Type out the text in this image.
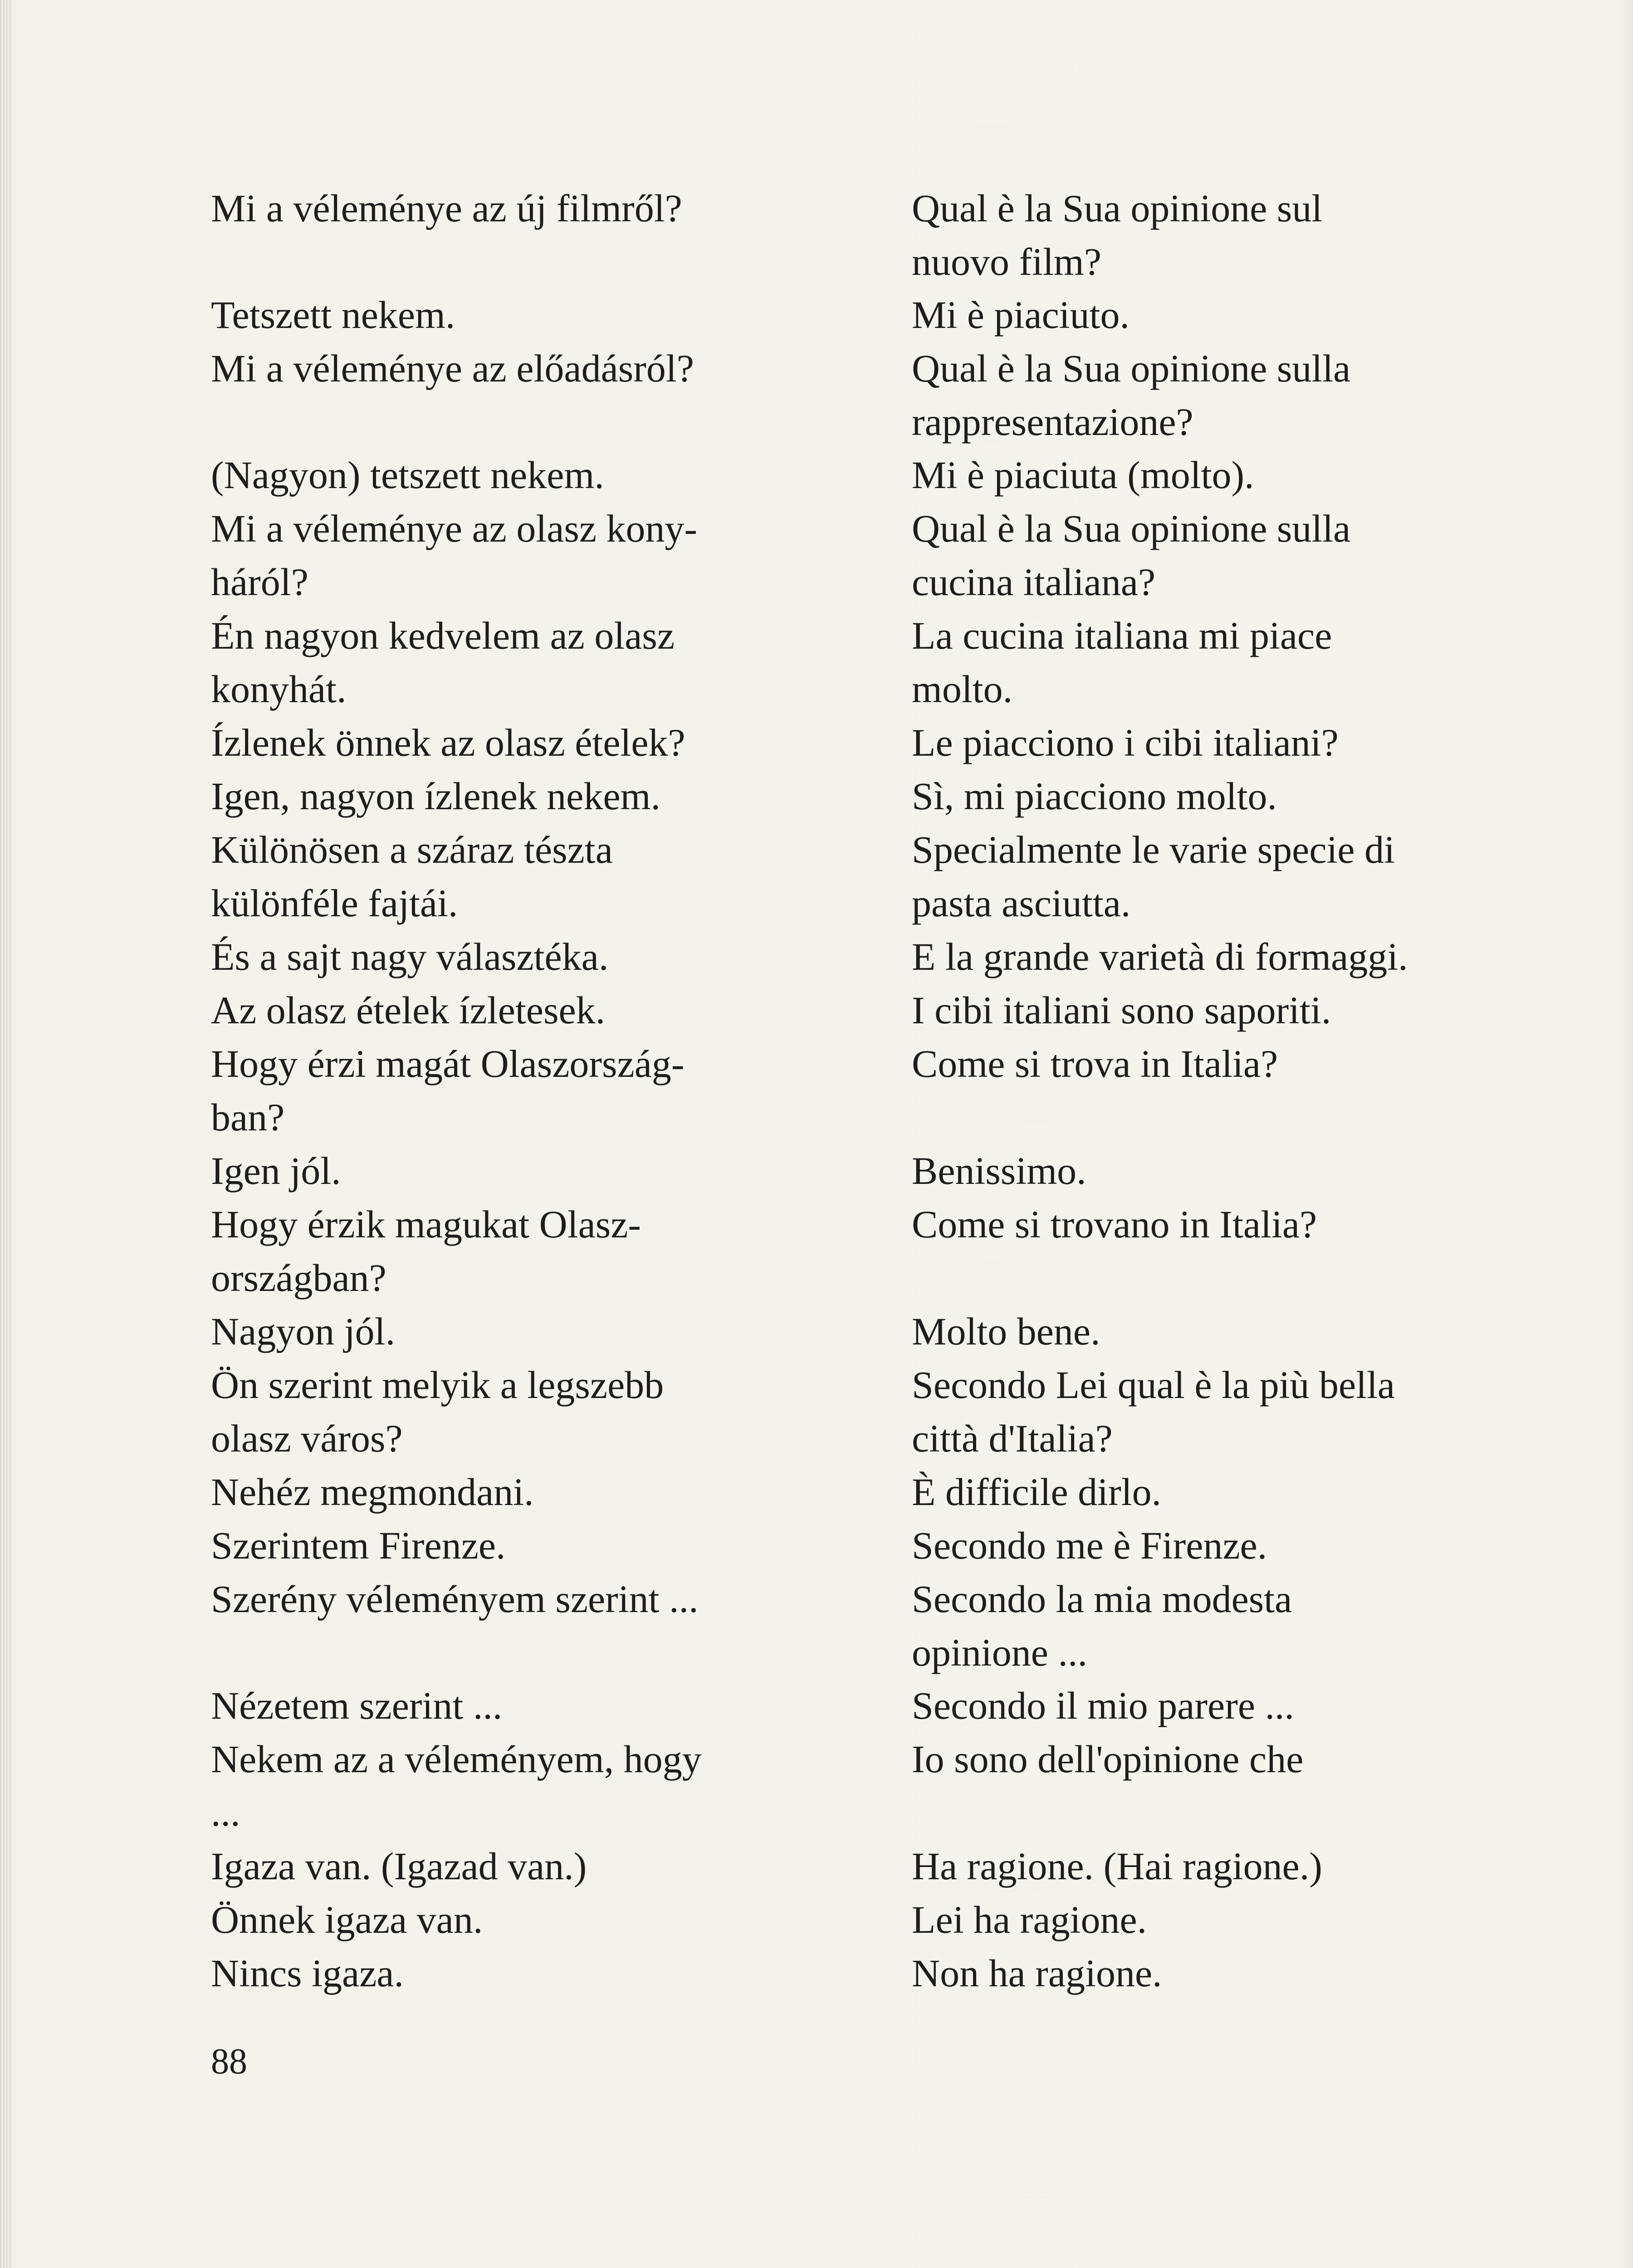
Mi a véleménye az új filmről?
Tetszett nekem.
Mi a véleménye az előadásról?
(Nagyon) tetszett nekem.
Mi a véleménye az olasz kony-
háról?
Én nagyon kedvelem az olasz
konyhát.
Ízlenek önnek az olasz ételek?
Igen, nagyon ízlenek nekem.
Különösen a száraz tészta
különféle fajtái.
És a sajt nagy választéka.
Az olasz ételek ízletesek.
Hogy érzi magát Olaszország-
ban?
Igen jól.
Hogy érzik magukat Olasz-
országban?
Nagyon jól.
Ön szerint melyik a legszebb
olasz város?
Nehéz megmondani.
Szerintem Firenze.
Szerény véleményem szerint ...
Nézetem szerint ...
Nekem az a véleményem, hogy
...
Igaza van. (Igazad van.)
Önnek igaza van.
Nincs igaza.
Qual è la Sua opinione sul
nuovo film?
Mi è piaciuto.
Qual è la Sua opinione sulla
rappresentazione?
Mi è piaciuta (molto).
Qual è la Sua opinione sulla
cucina italiana?
La cucina italiana mi piace
molto.
Le piacciono i cibi italiani?
Sì, mi piacciono molto.
Specialmente le varie specie di
pasta asciutta.
E la grande varietà di formaggi.
I cibi italiani sono saporiti.
Come si trova in Italia?
Benissimo.
Come si trovano in Italia?
Molto bene.
Secondo Lei qual è la più bella
città d'Italia?
È difficile dirlo.
Secondo me è Firenze.
Secondo la mia modesta
opinione ...
Secondo il mio parere ...
Io sono dell'opinione che
Ha ragione. (Hai ragione.)
Lei ha ragione.
Non ha ragione.
88
